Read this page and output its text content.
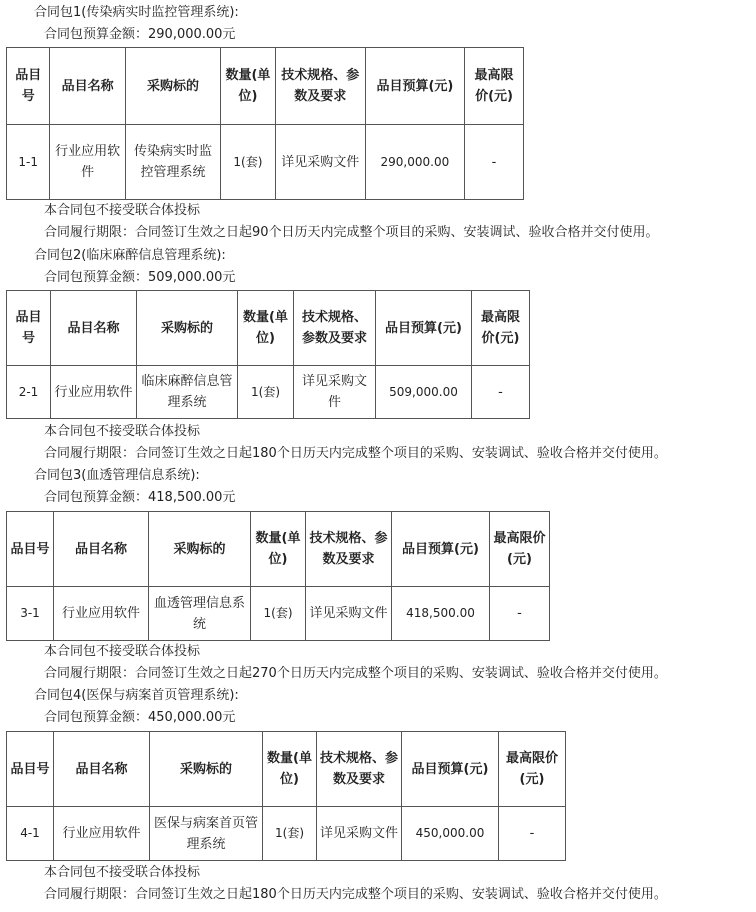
合同包1(传染病实时监控管理系统):
合同包预算金额：290,000.00元
品目号	品目名称	采购标的	数量(单位)	技术规格、参数及要求	品目预算(元)	最高限价(元)
1-1	行业应用软件	传染病实时监控管理系统	1(套)	详见采购文件	290,000.00	-
本合同包不接受联合体投标
合同履行期限：合同签订生效之日起90个日历天内完成整个项目的采购、安装调试、验收合格并交付使用。
合同包2(临床麻醉信息管理系统):
合同包预算金额：509,000.00元
品目号	品目名称	采购标的	数量(单位)	技术规格、参数及要求	品目预算(元)	最高限价(元)
2-1	行业应用软件	临床麻醉信息管理系统	1(套)	详见采购文件	509,000.00	-
本合同包不接受联合体投标
合同履行期限：合同签订生效之日起180个日历天内完成整个项目的采购、安装调试、验收合格并交付使用。
合同包3(血透管理信息系统):
合同包预算金额：418,500.00元
品目号	品目名称	采购标的	数量(单位)	技术规格、参数及要求	品目预算(元)	最高限价(元)
3-1	行业应用软件	血透管理信息系统	1(套)	详见采购文件	418,500.00	-
本合同包不接受联合体投标
合同履行期限：合同签订生效之日起270个日历天内完成整个项目的采购、安装调试、验收合格并交付使用。
合同包4(医保与病案首页管理系统):
合同包预算金额：450,000.00元
品目号	品目名称	采购标的	数量(单位)	技术规格、参数及要求	品目预算(元)	最高限价(元)
4-1	行业应用软件	医保与病案首页管理系统	1(套)	详见采购文件	450,000.00	-
本合同包不接受联合体投标
合同履行期限：合同签订生效之日起180个日历天内完成整个项目的采购、安装调试、验收合格并交付使用。
